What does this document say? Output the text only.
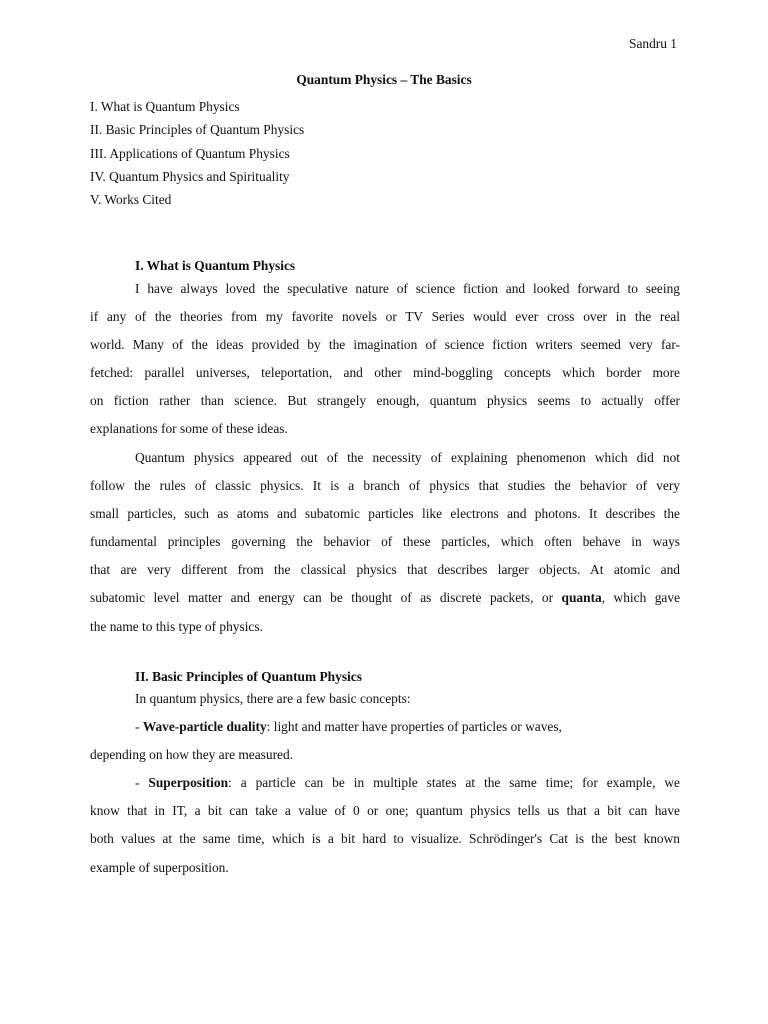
Sandru 1
Quantum Physics – The Basics
I. What is Quantum Physics
II. Basic Principles of Quantum Physics
III. Applications of Quantum Physics
IV. Quantum Physics and Spirituality
V. Works Cited
I. What is Quantum Physics
I have always loved the speculative nature of science fiction and looked forward to seeing
if any of the theories from my favorite novels or TV Series would ever cross over in the real
world. Many of the ideas provided by the imagination of science fiction writers seemed very far-
fetched: parallel universes, teleportation, and other mind-boggling concepts which border more
on fiction rather than science. But strangely enough, quantum physics seems to actually offer
explanations for some of these ideas.
Quantum physics appeared out of the necessity of explaining phenomenon which did not
follow the rules of classic physics. It is a branch of physics that studies the behavior of very
small particles, such as atoms and subatomic particles like electrons and photons. It describes the
fundamental principles governing the behavior of these particles, which often behave in ways
that are very different from the classical physics that describes larger objects. At atomic and
subatomic level matter and energy can be thought of as discrete packets, or quanta, which gave
the name to this type of physics.
II. Basic Principles of Quantum Physics
In quantum physics, there are a few basic concepts:
- Wave-particle duality: light and matter have properties of particles or waves,
depending on how they are measured.
- Superposition: a particle can be in multiple states at the same time; for example, we
know that in IT, a bit can take a value of 0 or one; quantum physics tells us that a bit can have
both values at the same time, which is a bit hard to visualize. Schrödinger's Cat is the best known
example of superposition.
